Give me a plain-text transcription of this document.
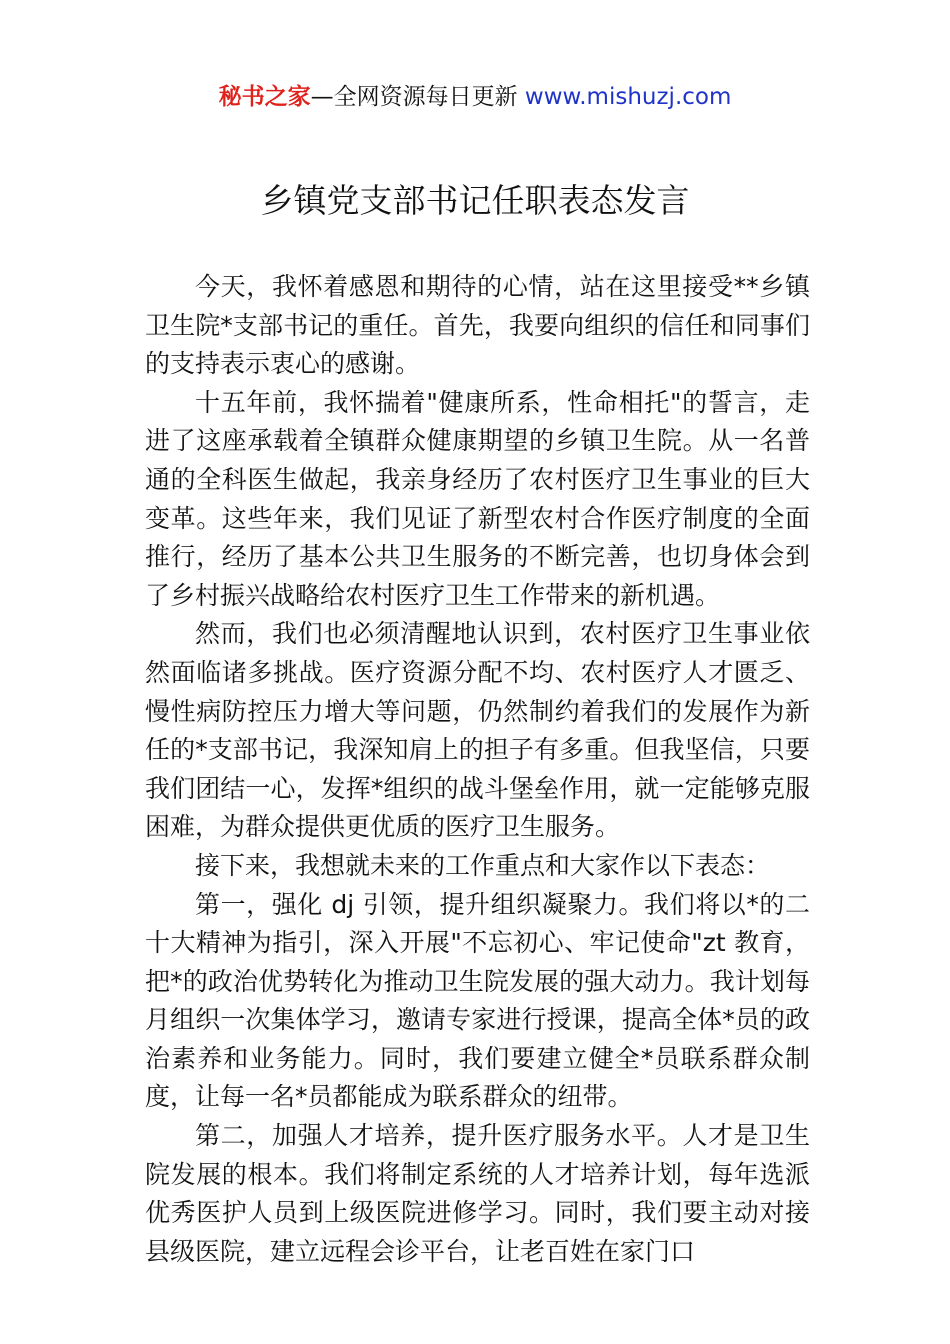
秘书之家—全网资源每日更新 www.mishuzj.com
乡镇党支部书记任职表态发言

今天，我怀着感恩和期待的心情，站在这里接受**乡镇卫生院*支部书记的重任。首先，我要向组织的信任和同事们的支持表示衷心的感谢。

十五年前，我怀揣着"健康所系，性命相托"的誓言，走进了这座承载着全镇群众健康期望的乡镇卫生院。从一名普通的全科医生做起，我亲身经历了农村医疗卫生事业的巨大变革。这些年来，我们见证了新型农村合作医疗制度的全面推行，经历了基本公共卫生服务的不断完善，也切身体会到了乡村振兴战略给农村医疗卫生工作带来的新机遇。

然而，我们也必须清醒地认识到，农村医疗卫生事业依然面临诸多挑战。医疗资源分配不均、农村医疗人才匮乏、慢性病防控压力增大等问题，仍然制约着我们的发展作为新任的*支部书记，我深知肩上的担子有多重。但我坚信，只要我们团结一心，发挥*组织的战斗堡垒作用，就一定能够克服困难，为群众提供更优质的医疗卫生服务。

接下来，我想就未来的工作重点和大家作以下表态：

第一，强化 dj 引领，提升组织凝聚力。我们将以*的二十大精神为指引，深入开展"不忘初心、牢记使命"zt 教育，把*的政治优势转化为推动卫生院发展的强大动力。我计划每月组织一次集体学习，邀请专家进行授课，提高全体*员的政治素养和业务能力。同时，我们要建立健全*员联系群众制度，让每一名*员都能成为联系群众的纽带。

第二，加强人才培养，提升医疗服务水平。人才是卫生院发展的根本。我们将制定系统的人才培养计划，每年选派优秀医护人员到上级医院进修学习。同时，我们要主动对接县级医院，建立远程会诊平台，让老百姓在家门口
